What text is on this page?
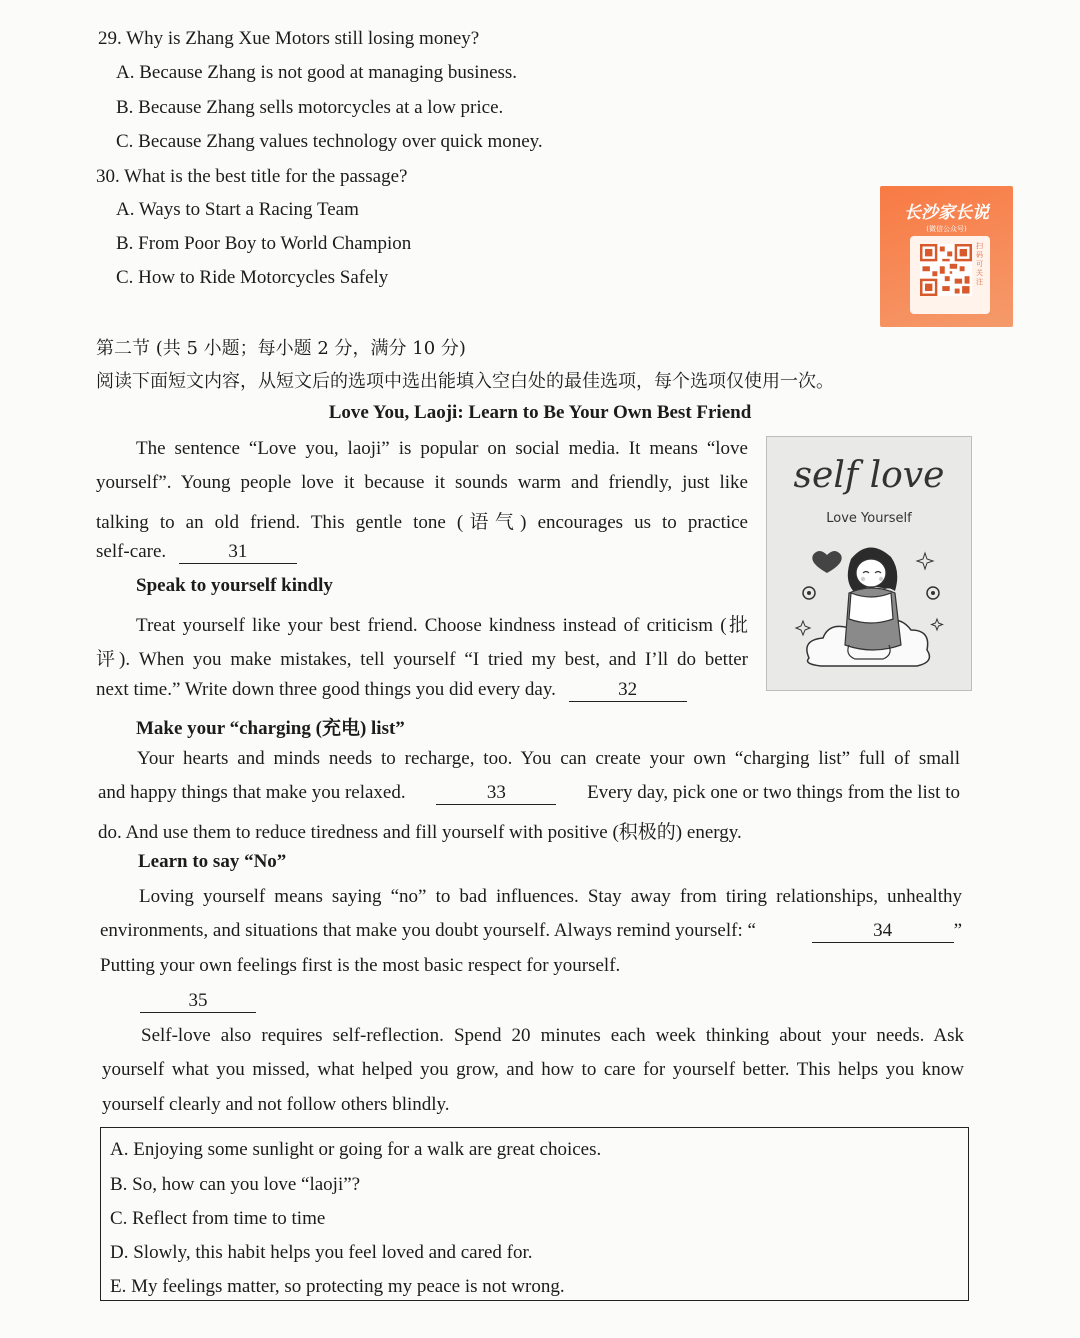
29. Why is Zhang Xue Motors still losing money?
A. Because Zhang is not good at managing business.
B. Because Zhang sells motorcycles at a low price.
C. Because Zhang values technology over quick money.
30. What is the best title for the passage?
A. Ways to Start a Racing Team
B. From Poor Boy to World Champion
C. How to Ride Motorcycles Safely
长沙家长说
(微信公众号)
扫码可关注
第二节 (共 5 小题；每小题 2 分，满分 10 分)
阅读下面短文内容，从短文后的选项中选出能填入空白处的最佳选项，每个选项仅使用一次。
Love You, Laoji: Learn to Be Your Own Best Friend
The sentence “Love you, laoji” is popular on social media. It means “love
yourself”. Young people love it because it sounds warm and friendly, just like
talking to an old friend. This gentle tone (语气) encourages us to practice
self-care.	31
Speak to yourself kindly
Treat yourself like your best friend. Choose kindness instead of criticism (批
评). When you make mistakes, tell yourself “I tried my best, and I’ll do better
next time.” Write down three good things you did every day.	32
self love
Love Yourself
Make your “charging (充电) list”
Your hearts and minds needs to recharge, too. You can create your own “charging list” full of small
and happy things that make you relaxed.	33	Every day, pick one or two things from the list to
do. And use them to reduce tiredness and fill yourself with positive (积极的) energy.
Learn to say “No”
Loving yourself means saying “no” to bad influences. Stay away from tiring relationships, unhealthy
environments, and situations that make you doubt yourself. Always remind yourself: “	34	”
Putting your own feelings first is the most basic respect for yourself.
35
Self-love also requires self-reflection. Spend 20 minutes each week thinking about your needs. Ask
yourself what you missed, what helped you grow, and how to care for yourself better. This helps you know
yourself clearly and not follow others blindly.
A. Enjoying some sunlight or going for a walk are great choices.
B. So, how can you love “laoji”?
C. Reflect from time to time
D. Slowly, this habit helps you feel loved and cared for.
E. My feelings matter, so protecting my peace is not wrong.
